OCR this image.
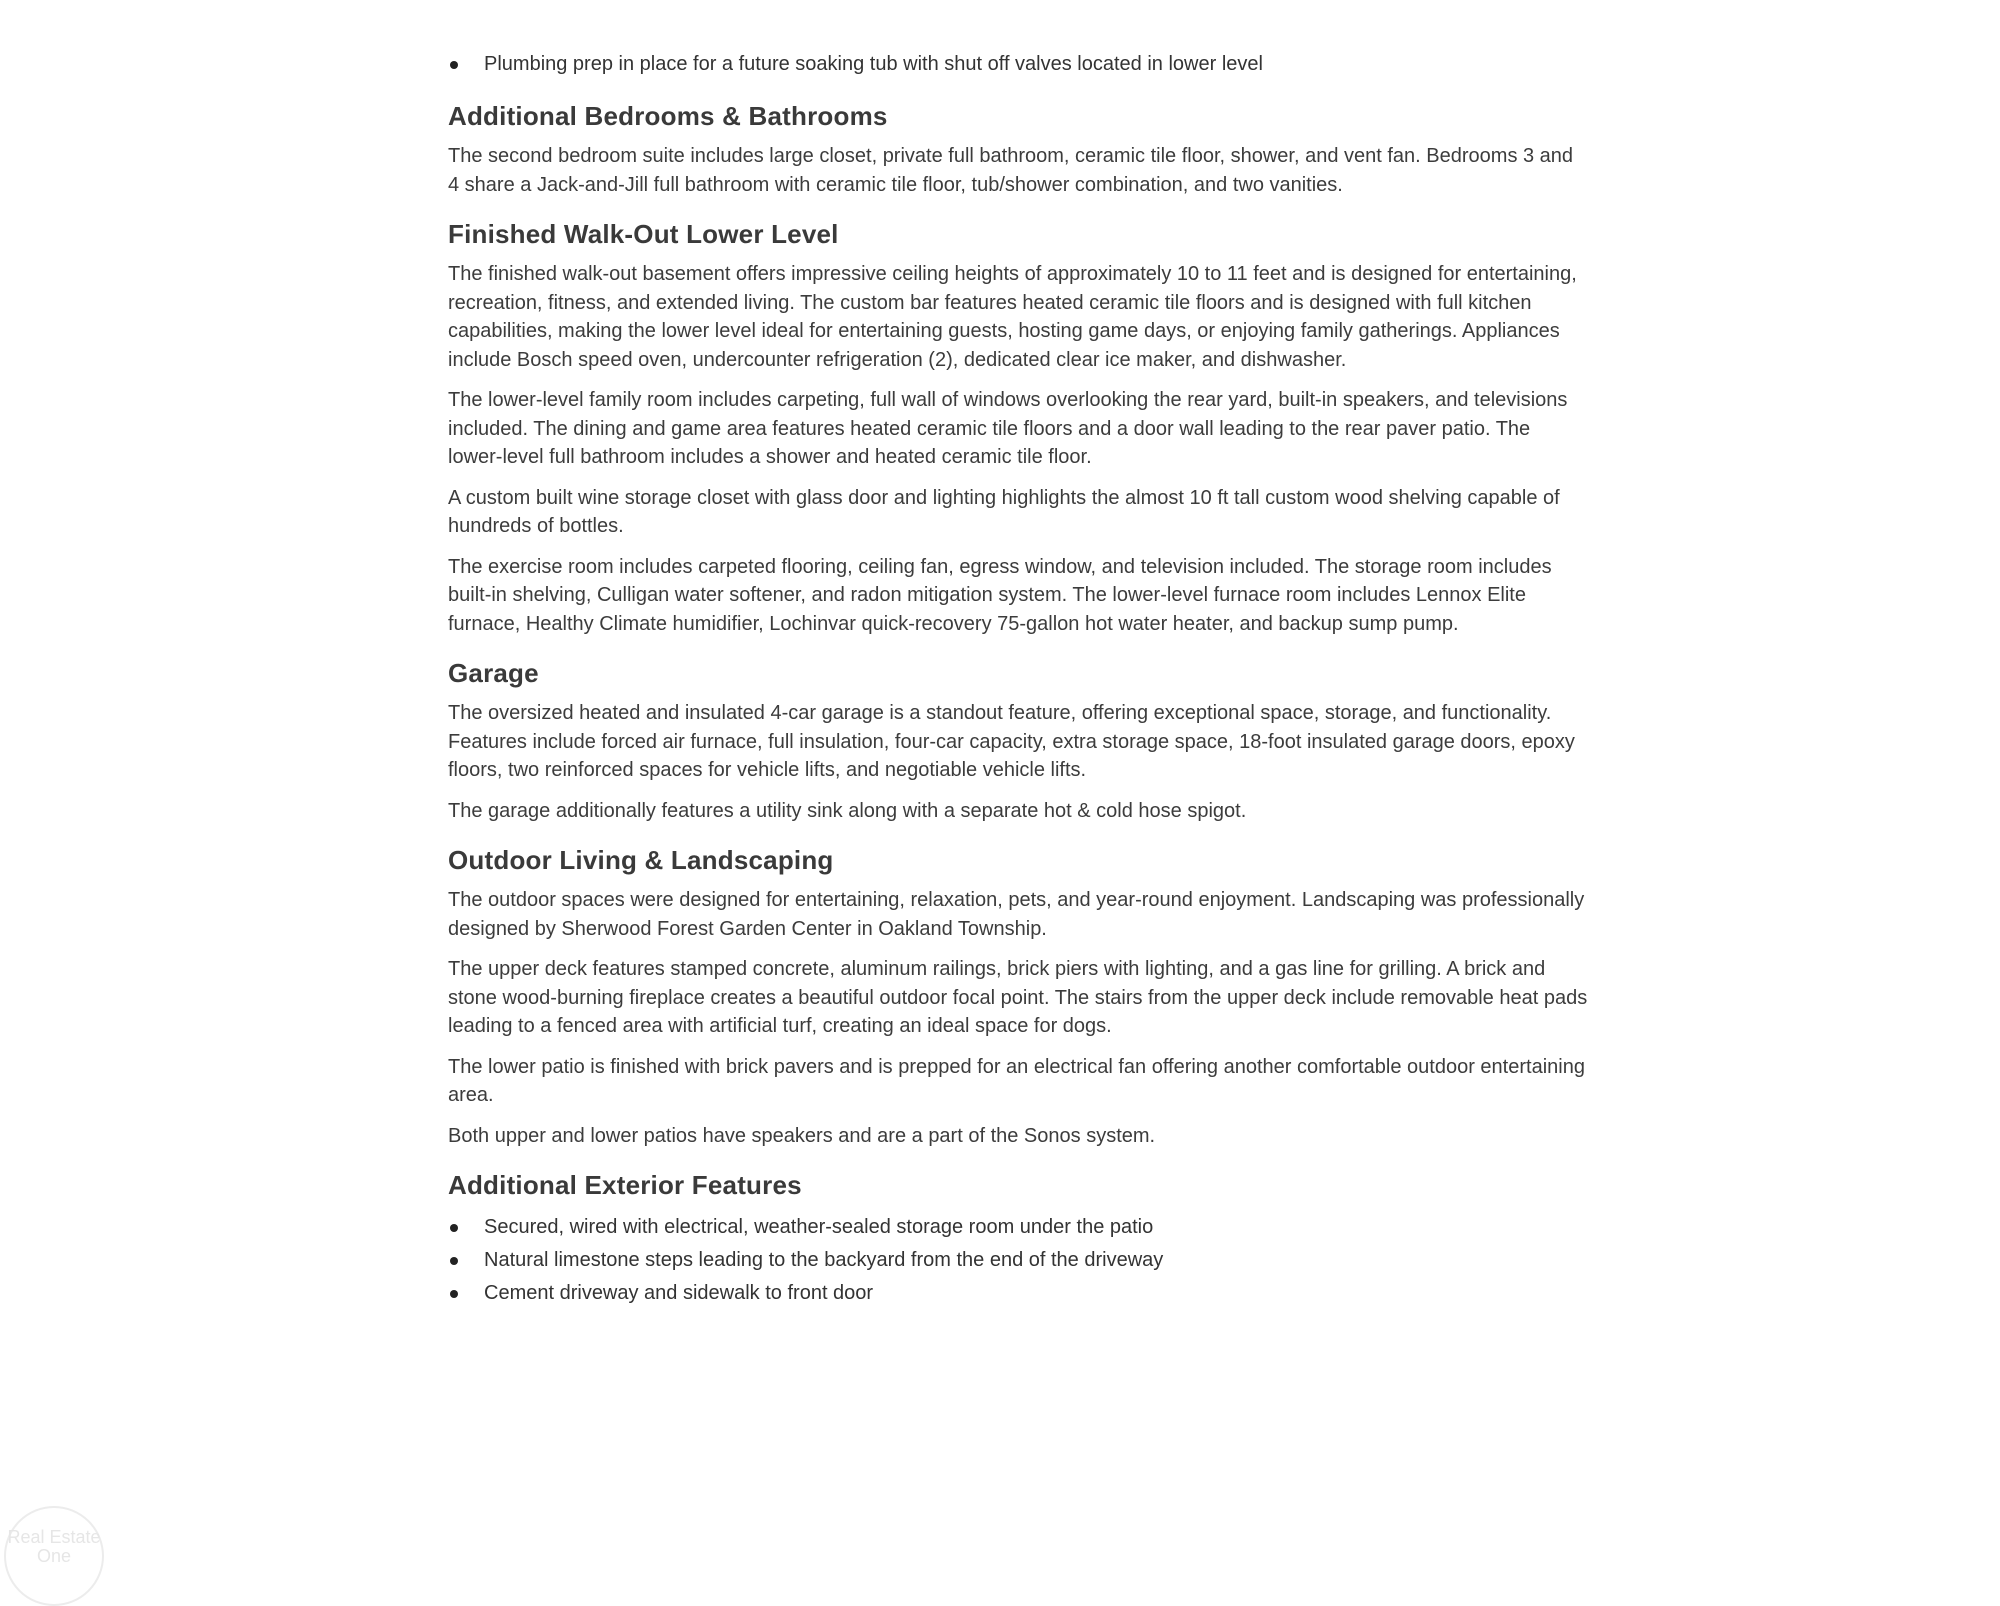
Plumbing prep in place for a future soaking tub with shut off valves located in lower level
Additional Bedrooms & Bathrooms

The second bedroom suite includes large closet, private full bathroom, ceramic tile floor, shower, and vent fan. Bedrooms 3 and 4 share a Jack-and-Jill full bathroom with ceramic tile floor, tub/shower combination, and two vanities.

Finished Walk-Out Lower Level

The finished walk-out basement offers impressive ceiling heights of approximately 10 to 11 feet and is designed for entertaining, recreation, fitness, and extended living. The custom bar features heated ceramic tile floors and is designed with full kitchen capabilities, making the lower level ideal for entertaining guests, hosting game days, or enjoying family gatherings. Appliances include Bosch speed oven, undercounter refrigeration (2), dedicated clear ice maker, and dishwasher.

The lower-level family room includes carpeting, full wall of windows overlooking the rear yard, built-in speakers, and televisions included. The dining and game area features heated ceramic tile floors and a door wall leading to the rear paver patio. The lower-level full bathroom includes a shower and heated ceramic tile floor.

A custom built wine storage closet with glass door and lighting highlights the almost 10 ft tall custom wood shelving capable of hundreds of bottles.

The exercise room includes carpeted flooring, ceiling fan, egress window, and television included. The storage room includes built-in shelving, Culligan water softener, and radon mitigation system. The lower-level furnace room includes Lennox Elite furnace, Healthy Climate humidifier, Lochinvar quick-recovery 75-gallon hot water heater, and backup sump pump.

Garage

The oversized heated and insulated 4-car garage is a standout feature, offering exceptional space, storage, and functionality. Features include forced air furnace, full insulation, four-car capacity, extra storage space, 18-foot insulated garage doors, epoxy floors, two reinforced spaces for vehicle lifts, and negotiable vehicle lifts.

The garage additionally features a utility sink along with a separate hot & cold hose spigot.

Outdoor Living & Landscaping

The outdoor spaces were designed for entertaining, relaxation, pets, and year-round enjoyment. Landscaping was professionally designed by Sherwood Forest Garden Center in Oakland Township.

The upper deck features stamped concrete, aluminum railings, brick piers with lighting, and a gas line for grilling. A brick and stone wood-burning fireplace creates a beautiful outdoor focal point. The stairs from the upper deck include removable heat pads leading to a fenced area with artificial turf, creating an ideal space for dogs.

The lower patio is finished with brick pavers and is prepped for an electrical fan offering another comfortable outdoor entertaining area.

Both upper and lower patios have speakers and are a part of the Sonos system.

Additional Exterior Features
Secured, wired with electrical, weather-sealed storage room under the patio
Natural limestone steps leading to the backyard from the end of the driveway
Cement driveway and sidewalk to front door
Real Estate One
